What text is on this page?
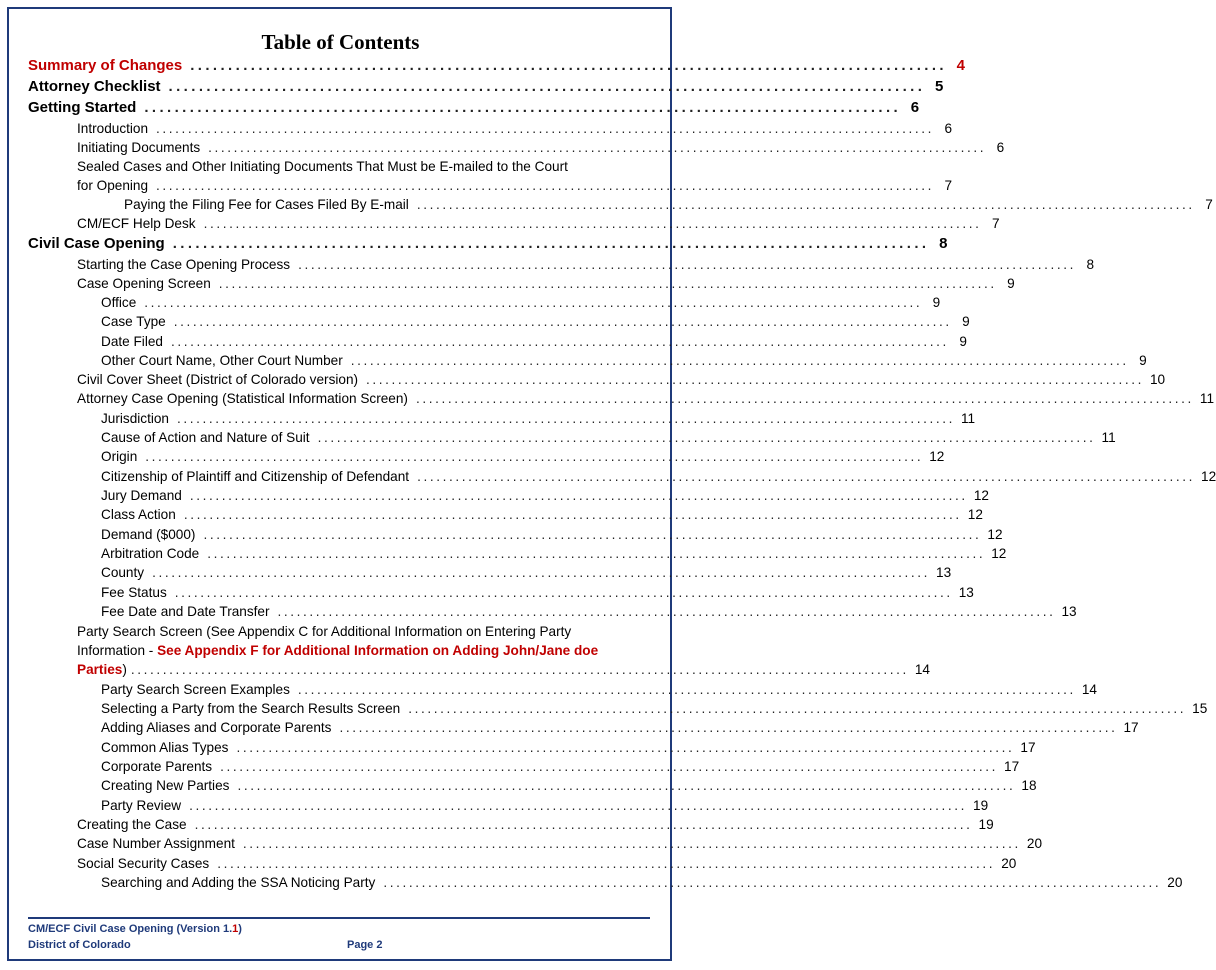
Table of Contents
Summary of Changes .................................................................................................... 4
Attorney Checklist .................................................................................................... 5
Getting Started .................................................................................................... 6
Introduction .......................................................................................................................... 6
Initiating Documents .......................................................................................................................... 6
Sealed Cases and Other Initiating Documents That Must be E-mailed to the Court
for Opening .......................................................................................................................... 7
Paying the Filing Fee for Cases Filed By E-mail .......................................................................................................................... 7
CM/ECF Help Desk .......................................................................................................................... 7
Civil Case Opening .................................................................................................... 8
Starting the Case Opening Process .......................................................................................................................... 8
Case Opening Screen .......................................................................................................................... 9
Office .......................................................................................................................... 9
Case Type .......................................................................................................................... 9
Date Filed .......................................................................................................................... 9
Other Court Name, Other Court Number .......................................................................................................................... 9
Civil Cover Sheet (District of Colorado version) .......................................................................................................................... 10
Attorney Case Opening (Statistical Information Screen) .......................................................................................................................... 11
Jurisdiction .......................................................................................................................... 11
Cause of Action and Nature of Suit .......................................................................................................................... 11
Origin .......................................................................................................................... 12
Citizenship of Plaintiff and Citizenship of Defendant .......................................................................................................................... 12
Jury Demand .......................................................................................................................... 12
Class Action .......................................................................................................................... 12
Demand ($000) .......................................................................................................................... 12
Arbitration Code .......................................................................................................................... 12
County .......................................................................................................................... 13
Fee Status .......................................................................................................................... 13
Fee Date and Date Transfer .......................................................................................................................... 13
Party Search Screen (See Appendix C for Additional Information on Entering Party
Information - See Appendix F for Additional Information on Adding John/Jane doe
Parties) .......................................................................................................................... 14
Party Search Screen Examples .......................................................................................................................... 14
Selecting a Party from the Search Results Screen .......................................................................................................................... 15
Adding Aliases and Corporate Parents .......................................................................................................................... 17
Common Alias Types .......................................................................................................................... 17
Corporate Parents .......................................................................................................................... 17
Creating New Parties .......................................................................................................................... 18
Party Review .......................................................................................................................... 19
Creating the Case .......................................................................................................................... 19
Case Number Assignment .......................................................................................................................... 20
Social Security Cases .......................................................................................................................... 20
Searching and Adding the SSA Noticing Party .......................................................................................................................... 20
CM/ECF Civil Case Opening (Version 1.1)
District of Colorado	Page 2
